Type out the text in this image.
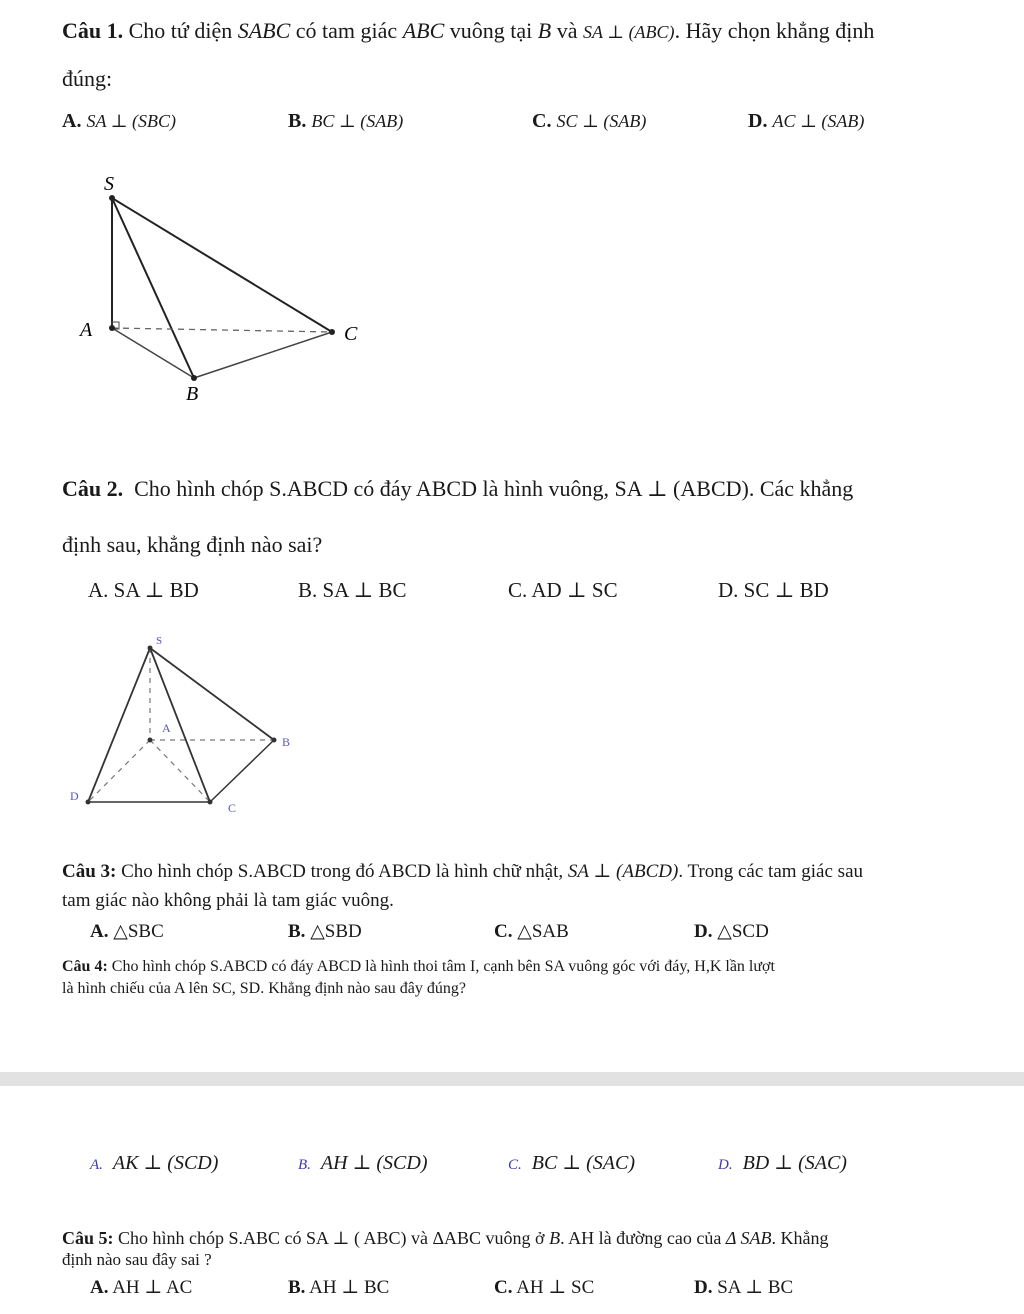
Câu 1. Cho tứ diện SABC có tam giác ABC vuông tại B và SA ⊥ (ABC). Hãy chọn khẳng định
đúng:
A. SA ⊥ (SBC)	B. BC ⊥ (SAB)	C. SC ⊥ (SAB)	D. AC ⊥ (SAB)
S
A
B
C
Câu 2. Cho hình chóp S.ABCD có đáy ABCD là hình vuông, SA ⊥ (ABCD). Các khẳng
định sau, khẳng định nào sai?
A. SA ⊥ BD	B. SA ⊥ BC	C. AD ⊥ SC	D. SC ⊥ BD
S
A
B
C
D
Câu 3: Cho hình chóp S.ABCD trong đó ABCD là hình chữ nhật, SA ⊥ (ABCD). Trong các tam giác sau
tam giác nào không phải là tam giác vuông.
A. △SBC	B. △SBD	C. △SAB	D. △SCD
Câu 4: Cho hình chóp S.ABCD có đáy ABCD là hình thoi tâm I, cạnh bên SA vuông góc với đáy, H,K lần lượt
là hình chiếu của A lên SC, SD. Khẳng định nào sau đây đúng?
A. AK ⊥ (SCD)	B. AH ⊥ (SCD)	C. BC ⊥ (SAC)	D. BD ⊥ (SAC)
Câu 5: Cho hình chóp S.ABC có SA ⊥ ( ABC) và ΔABC vuông ở B. AH là đường cao của Δ SAB. Khẳng
định nào sau đây sai ?
A. AH ⊥ AC	B. AH ⊥ BC	C. AH ⊥ SC	D. SA ⊥ BC
